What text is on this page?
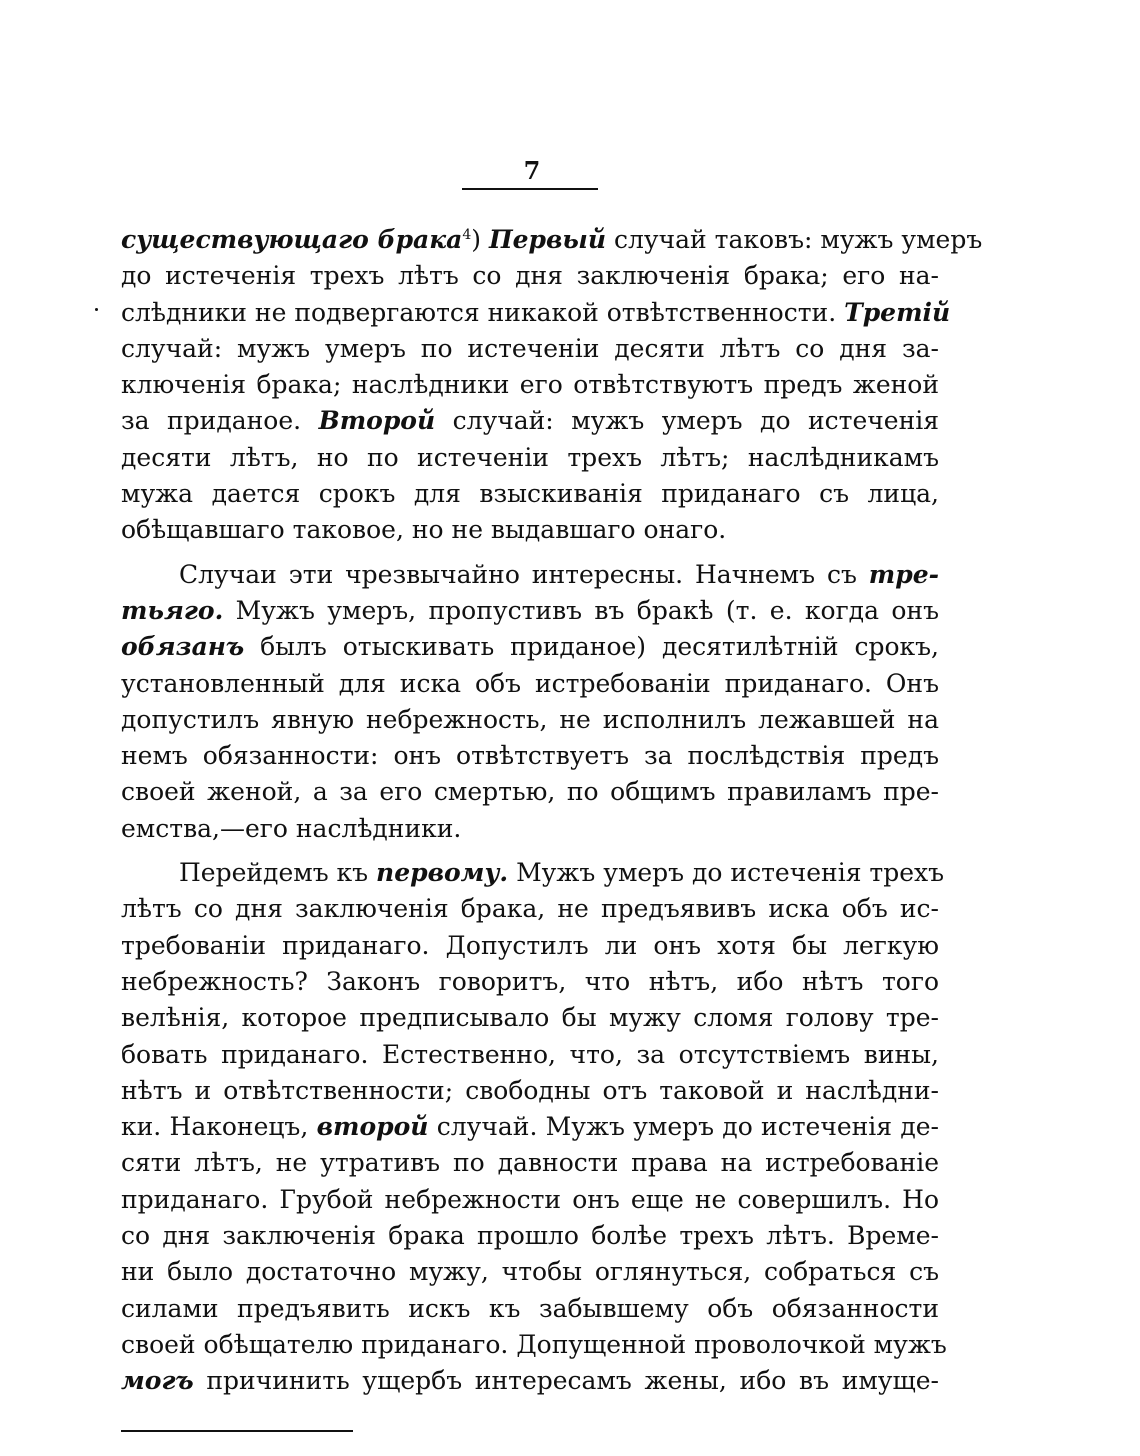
7
существующаго брака$^4$) Первый случай таковъ: мужъ умеръ
до истеченія трехъ лѣтъ со дня заключенія брака; его на-
слѣдники не подвергаются никакой отвѣтственности. Третій
случай: мужъ умеръ по истеченіи десяти лѣтъ со дня за-
ключенія брака; наслѣдники его отвѣтствуютъ предъ женой
за приданое. Второй случай: мужъ умеръ до истеченія
десяти лѣтъ, но по истеченіи трехъ лѣтъ; наслѣдникамъ
мужа дается срокъ для взыскиванія приданаго съ лица,
обѣщавшаго таковое, но не выдавшаго онаго.
Случаи эти чрезвычайно интересны. Начнемъ съ тре-
тьяго. Мужъ умеръ, пропустивъ въ бракѣ (т. е. когда онъ
обязанъ былъ отыскивать приданое) десятилѣтній срокъ,
установленный для иска объ истребованіи приданаго. Онъ
допустилъ явную небрежность, не исполнилъ лежавшей на
немъ обязанности: онъ отвѣтствуетъ за послѣдствія предъ
своей женой, а за его смертью, по общимъ правиламъ пре-
емства,—его наслѣдники.
Перейдемъ къ первому. Мужъ умеръ до истеченія трехъ
лѣтъ со дня заключенія брака, не предъявивъ иска объ ис-
требованіи приданаго. Допустилъ ли онъ хотя бы легкую
небрежность? Законъ говоритъ, что нѣтъ, ибо нѣтъ того
велѣнія, которое предписывало бы мужу сломя голову тре-
бовать приданаго. Естественно, что, за отсутствіемъ вины,
нѣтъ и отвѣтственности; свободны отъ таковой и наслѣдни-
ки. Наконецъ, второй случай. Мужъ умеръ до истеченія де-
сяти лѣтъ, не утративъ по давности права на истребованіе
приданаго. Грубой небрежности онъ еще не совершилъ. Но
со дня заключенія брака прошло болѣе трехъ лѣтъ. Време-
ни было достаточно мужу, чтобы оглянуться, собраться съ
силами предъявить искъ къ забывшему объ обязанности
своей обѣщателю приданаго. Допущенной проволочкой мужъ
могъ причинить ущербъ интересамъ жены, ибо въ имуще-
